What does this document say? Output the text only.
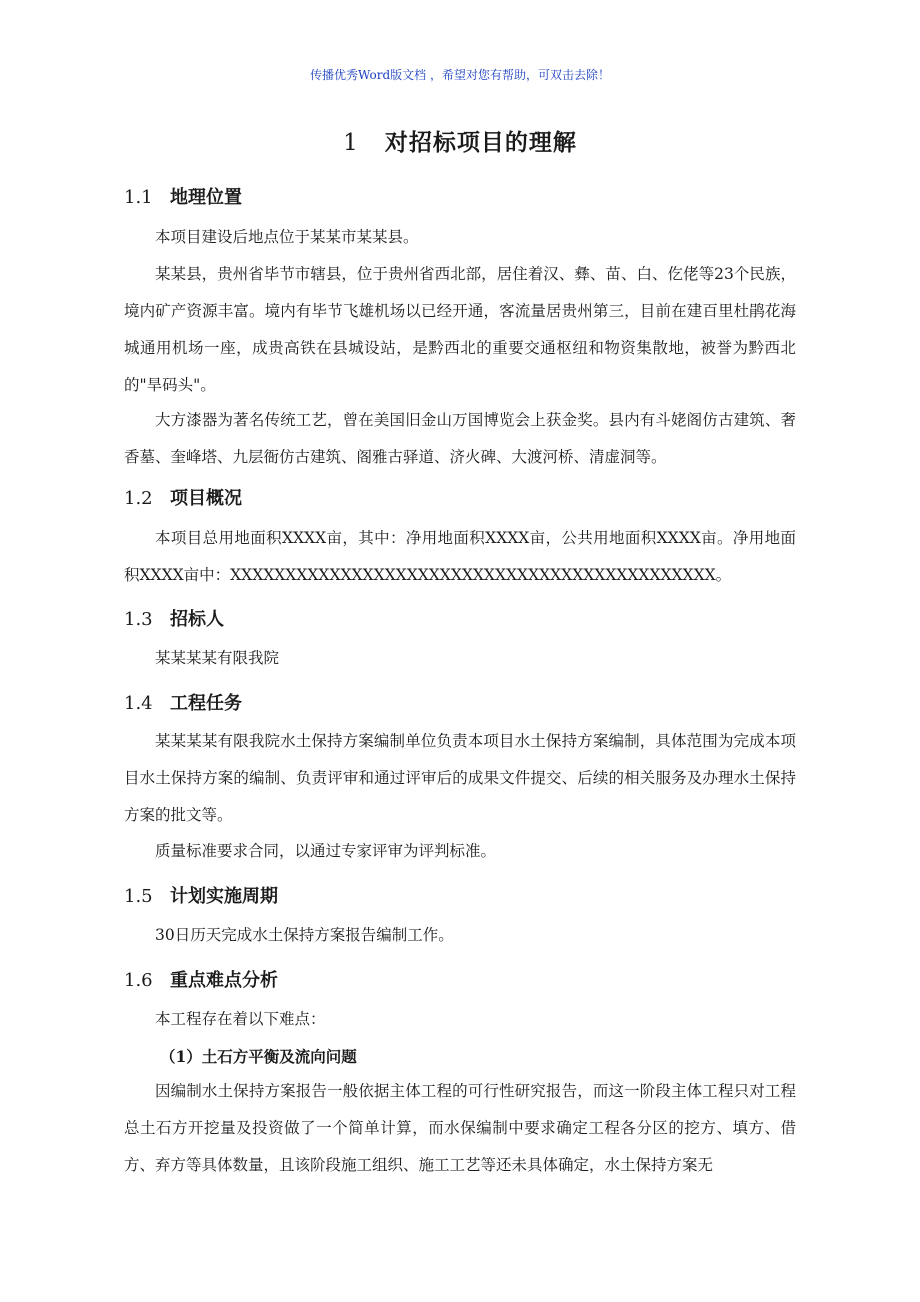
传播优秀Word版文档 ，希望对您有帮助，可双击去除！
1 对招标项目的理解
1.1 地理位置

本项目建设后地点位于某某市某某县。

某某县，贵州省毕节市辖县，位于贵州省西北部，居住着汉、彝、苗、白、仡佬等23个民族，境内矿产资源丰富。境内有毕节飞雄机场以已经开通，客流量居贵州第三，目前在建百里杜鹃花海城通用机场一座，成贵高铁在县城设站，是黔西北的重要交通枢纽和物资集散地，被誉为黔西北的"旱码头"。

大方漆器为著名传统工艺，曾在美国旧金山万国博览会上获金奖。县内有斗姥阁仿古建筑、奢香墓、奎峰塔、九层衙仿古建筑、阁雅古驿道、济火碑、大渡河桥、清虚洞等。

1.2 项目概况

本项目总用地面积XXXX亩，其中：净用地面积XXXX亩，公共用地面积XXXX亩。净用地面积XXXX亩中：XXXXXXXXXXXXXXXXXXXXXXXXXXXXXXXXXXXXXXXXXXXX。

1.3 招标人

某某某某有限我院

1.4 工程任务

某某某某有限我院水土保持方案编制单位负责本项目水土保持方案编制，具体范围为完成本项目水土保持方案的编制、负责评审和通过评审后的成果文件提交、后续的相关服务及办理水土保持方案的批文等。

质量标准要求合同，以通过专家评审为评判标准。

1.5 计划实施周期

30日历天完成水土保持方案报告编制工作。

1.6 重点难点分析

本工程存在着以下难点：

（1）土石方平衡及流向问题

因编制水土保持方案报告一般依据主体工程的可行性研究报告，而这一阶段主体工程只对工程总土石方开挖量及投资做了一个简单计算，而水保编制中要求确定工程各分区的挖方、填方、借方、弃方等具体数量，且该阶段施工组织、施工工艺等还未具体确定，水土保持方案无
